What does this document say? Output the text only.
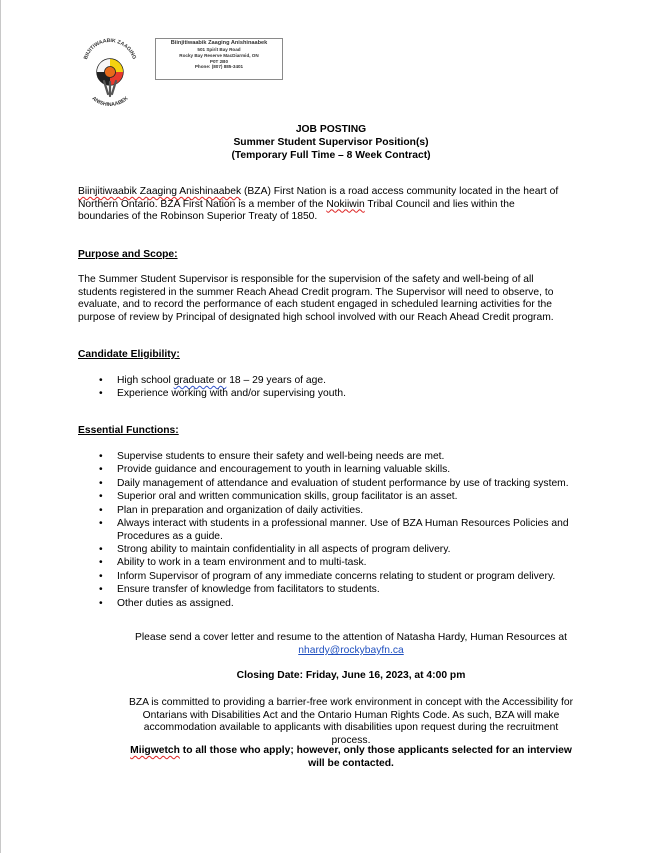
BIIJITIWAABIK ZAAGING
ANISHINAABEK
Biinjitiwaabik Zaaging Anishinaabek
501 Spirit Bay Road
Rocky Bay Reserve MacDiarmid, ON
P0T 2B0
Phone: (807) 885-3401
JOB POSTING
Summer Student Supervisor Position(s)
(Temporary Full Time – 8 Week Contract)
Biinjitiwaabik Zaaging Anishinaabek (BZA) First Nation is a road access community located in the heart of
Northern Ontario. BZA First Nation is a member of the Nokiiwin Tribal Council and lies within the
boundaries of the Robinson Superior Treaty of 1850.
Purpose and Scope:
The Summer Student Supervisor is responsible for the supervision of the safety and well-being of all
students registered in the summer Reach Ahead Credit program. The Supervisor will need to observe, to
evaluate, and to record the performance of each student engaged in scheduled learning activities for the
purpose of review by Principal of designated high school involved with our Reach Ahead Credit program.
Candidate Eligibility:
• High school graduate or 18 – 29 years of age.
• Experience working with and/or supervising youth.
Essential Functions:
• Supervise students to ensure their safety and well-being needs are met.
• Provide guidance and encouragement to youth in learning valuable skills.
• Daily management of attendance and evaluation of student performance by use of tracking system.
• Superior oral and written communication skills, group facilitator is an asset.
• Plan in preparation and organization of daily activities.
• Always interact with students in a professional manner. Use of BZA Human Resources Policies and Procedures as a guide.
• Strong ability to maintain confidentiality in all aspects of program delivery.
• Ability to work in a team environment and to multi-task.
• Inform Supervisor of program of any immediate concerns relating to student or program delivery.
• Ensure transfer of knowledge from facilitators to students.
• Other duties as assigned.
Please send a cover letter and resume to the attention of Natasha Hardy, Human Resources at
nhardy@rockybayfn.ca
Closing Date: Friday, June 16, 2023, at 4:00 pm
BZA is committed to providing a barrier-free work environment in concept with the Accessibility for
Ontarians with Disabilities Act and the Ontario Human Rights Code. As such, BZA will make
accommodation available to applicants with disabilities upon request during the recruitment
process.
Miigwetch to all those who apply; however, only those applicants selected for an interview
will be contacted.
